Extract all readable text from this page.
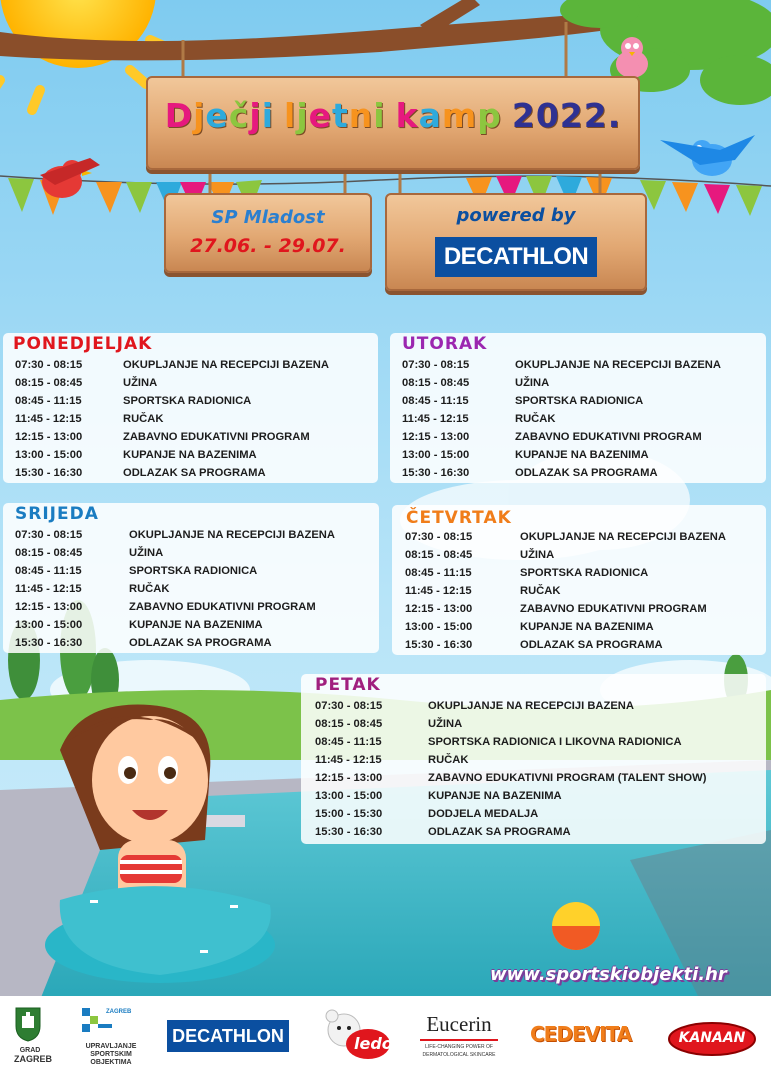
Dječji ljetni kamp 2022.
SP Mladost
27.06. - 29.07.
powered by
DECATHLON
PONEDJELJAK
07:30 - 08:15	OKUPLJANJE NA RECEPCIJI BAZENA
08:15 - 08:45	UŽINA
08:45 - 11:15	SPORTSKA RADIONICA
11:45 - 12:15	RUČAK
12:15 - 13:00	ZABAVNO EDUKATIVNI PROGRAM
13:00 - 15:00	KUPANJE NA BAZENIMA
15:30 - 16:30	ODLAZAK SA PROGRAMA
UTORAK
07:30 - 08:15	OKUPLJANJE NA RECEPCIJI BAZENA
08:15 - 08:45	UŽINA
08:45 - 11:15	SPORTSKA RADIONICA
11:45 - 12:15	RUČAK
12:15 - 13:00	ZABAVNO EDUKATIVNI PROGRAM
13:00 - 15:00	KUPANJE NA BAZENIMA
15:30 - 16:30	ODLAZAK SA PROGRAMA
SRIJEDA
07:30 - 08:15	OKUPLJANJE NA RECEPCIJI BAZENA
08:15 - 08:45	UŽINA
08:45 - 11:15	SPORTSKA RADIONICA
11:45 - 12:15	RUČAK
12:15 - 13:00	ZABAVNO EDUKATIVNI PROGRAM
13:00 - 15:00	KUPANJE NA BAZENIMA
15:30 - 16:30	ODLAZAK SA PROGRAMA
ČETVRTAK
07:30 - 08:15	OKUPLJANJE NA RECEPCIJI BAZENA
08:15 - 08:45	UŽINA
08:45 - 11:15	SPORTSKA RADIONICA
11:45 - 12:15	RUČAK
12:15 - 13:00	ZABAVNO EDUKATIVNI PROGRAM
13:00 - 15:00	KUPANJE NA BAZENIMA
15:30 - 16:30	ODLAZAK SA PROGRAMA
PETAK
07:30 - 08:15	OKUPLJANJE NA RECEPCIJI BAZENA
08:15 - 08:45	UŽINA
08:45 - 11:15	SPORTSKA RADIONICA I LIKOVNA RADIONICA
11:45 - 12:15	RUČAK
12:15 - 13:00	ZABAVNO EDUKATIVNI PROGRAM (TALENT SHOW)
13:00 - 15:00	KUPANJE NA BAZENIMA
15:00 - 15:30	DODJELA MEDALJA
15:30 - 16:30	ODLAZAK SA PROGRAMA
www.sportskiobjekti.hr
GRAD
ZAGREB
ZAGREB
UPRAVLJANJE
SPORTSKIM
OBJEKTIMA
DECATHLON	ledo
Eucerin
LIFE-CHANGING POWER OF
DERMATOLOGICAL SKINCARE
CEDEVITA	KANAAN
